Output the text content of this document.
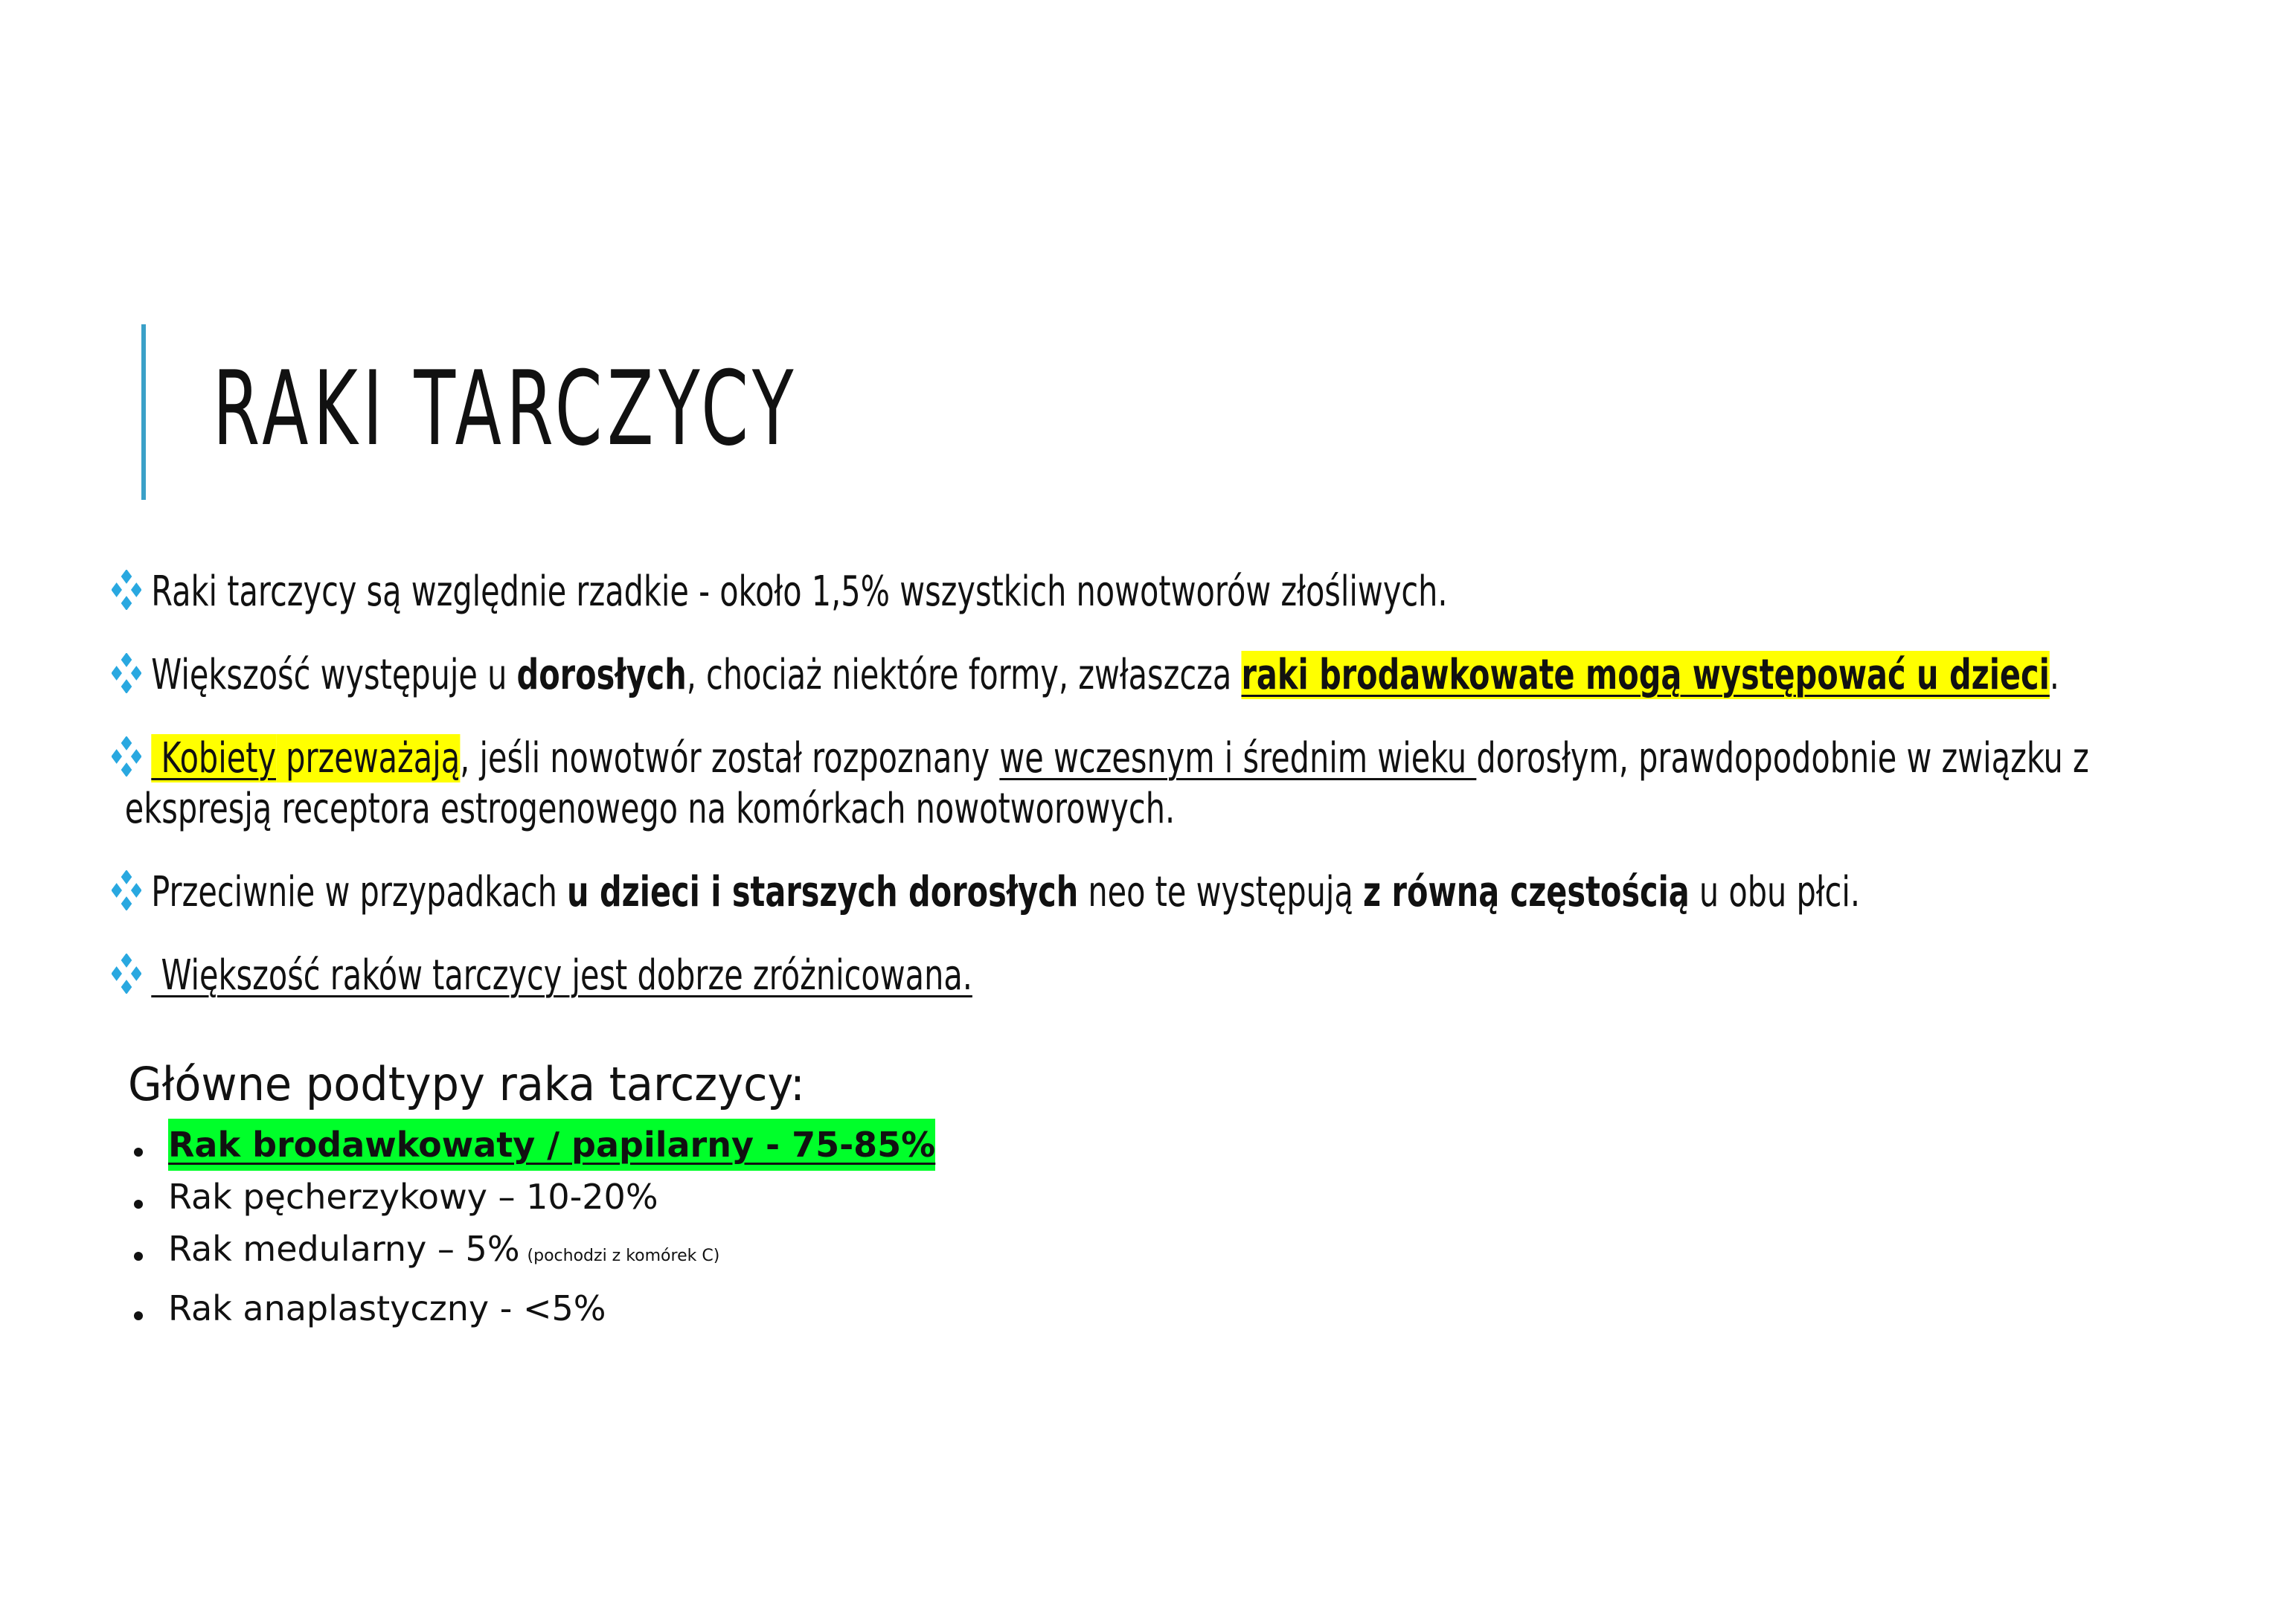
RAKI TARCZYCY
Raki tarczycy są względnie rzadkie - około 1,5% wszystkich nowotworów złośliwych.
Większość występuje u dorosłych, chociaż niektóre formy, zwłaszcza raki brodawkowate mogą występować u dzieci.
Kobiety przeważają, jeśli nowotwór został rozpoznany we wczesnym i średnim wieku dorosłym, prawdopodobnie w związku z
ekspresją receptora estrogenowego na komórkach nowotworowych.
Przeciwnie w przypadkach u dzieci i starszych dorosłych neo te występują z równą częstością u obu płci.
Większość raków tarczycy jest dobrze zróżnicowana.
Główne podtypy raka tarczycy:
Rak brodawkowaty / papilarny - 75-85%
Rak pęcherzykowy – 10-20%
Rak medularny – 5% (pochodzi z komórek C)
Rak anaplastyczny - <5%
